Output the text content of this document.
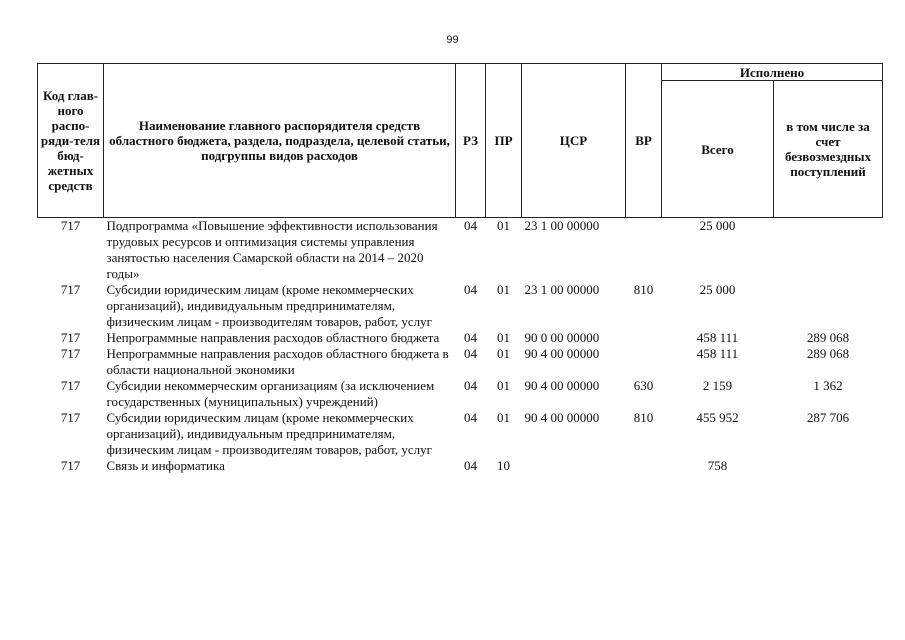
99
Код глав-ного распо-ряди-теля бюд-жетных средств	Наименование главного распорядителя средств областного бюджета, раздела, подраздела, целевой статьи, подгруппы видов расходов	РЗ	ПР	ЦСР	ВР	Исполнено	
						Всего	в том числе за счет безвозмездных поступлений
717	Подпрограмма «Повышение эффективности использования трудовых ресурсов и оптимизация системы управления занятостью населения Самарской области на 2014 – 2020 годы»	04	01	23 1 00 00000		25 000	
717	Субсидии юридическим лицам (кроме некоммерческих организаций), индивидуальным предпринимателям, физическим лицам - производителям товаров, работ, услуг	04	01	23 1 00 00000	810	25 000	
717	Непрограммные направления расходов областного бюджета	04	01	90 0 00 00000		458 111	289 068
717	Непрограммные направления расходов областного бюджета в области национальной экономики	04	01	90 4 00 00000		458 111	289 068
717	Субсидии некоммерческим организациям (за исключением государственных (муниципальных) учреждений)	04	01	90 4 00 00000	630	2 159	1 362
717	Субсидии юридическим лицам (кроме некоммерческих организаций), индивидуальным предпринимателям, физическим лицам - производителям товаров, работ, услуг	04	01	90 4 00 00000	810	455 952	287 706
717	Связь и информатика	04	10			758	
